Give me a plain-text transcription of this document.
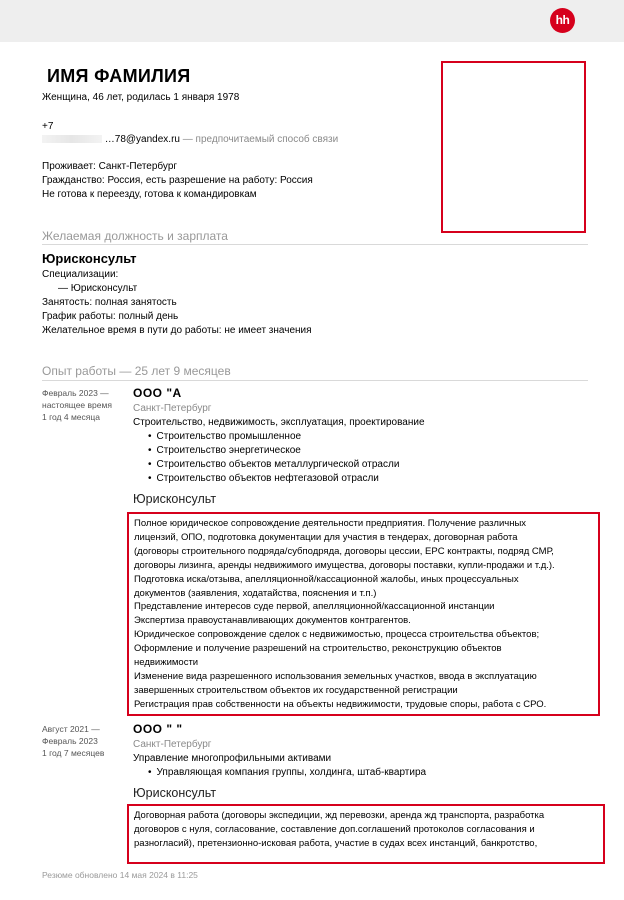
hh
ИМЯ ФАМИЛИЯ
Женщина, 46 лет, родилась 1 января 1978
+7
…78@yandex.ru — предпочитаемый способ связи
Проживает: Санкт-Петербург
Гражданство: Россия, есть разрешение на работу: Россия
Не готова к переезду, готова к командировкам
Желаемая должность и зарплата
Юрисконсульт
Специализации:
— Юрисконсульт
Занятость: полная занятость
График работы: полный день
Желательное время в пути до работы: не имеет значения
Опыт работы — 25 лет 9 месяцев
Февраль 2023 —
настоящее время
1 год 4 месяца
ООО "А
Санкт-Петербург
Строительство, недвижимость, эксплуатация, проектирование
• Строительство промышленное
• Строительство энергетическое
• Строительство объектов металлургической отрасли
• Строительство объектов нефтегазовой отрасли
Юрисконсульт

Полное юридическое сопровождение деятельности предприятия. Получение различных

лицензий, ОПО, подготовка документации для участия в тендерах, договорная работа

(договоры строительного подряда/субподряда, договоры цессии, EPC контракты, подряд СМР,

договоры лизинга, аренды недвижимого имущества, договоры поставки, купли-продажи и т.д.).

Подготовка иска/отзыва, апелляционной/кассационной жалобы, иных процессуальных

документов (заявления, ходатайства, пояснения и т.п.)

Представление интересов суде первой, апелляционной/кассационной инстанции

Экспертиза правоустанавливающих документов контрагентов.

Юридическое сопровождение сделок с недвижимостью, процесса строительства объектов;

Оформление и получение разрешений на строительство, реконструкцию объектов

недвижимости

Изменение вида разрешенного использования земельных участков, ввода в эксплуатацию

завершенных строительством объектов их государственной регистрации

Регистрация прав собственности на объекты недвижимости, трудовые споры, работа с СРО.

Август 2021 —
Февраль 2023
1 год 7 месяцев
ООО " "
Санкт-Петербург
Управление многопрофильными активами
• Управляющая компания группы, холдинга, штаб-квартира
Юрисконсульт

Договорная работа (договоры экспедиции, жд перевозки, аренда жд транспорта, разработка

договоров с нуля, согласование, составление доп.соглашений протоколов согласования и

разногласий), претензионно-исковая работа, участие в судах всех инстанций, банкротство,

Резюме обновлено 14 мая 2024 в 11:25
